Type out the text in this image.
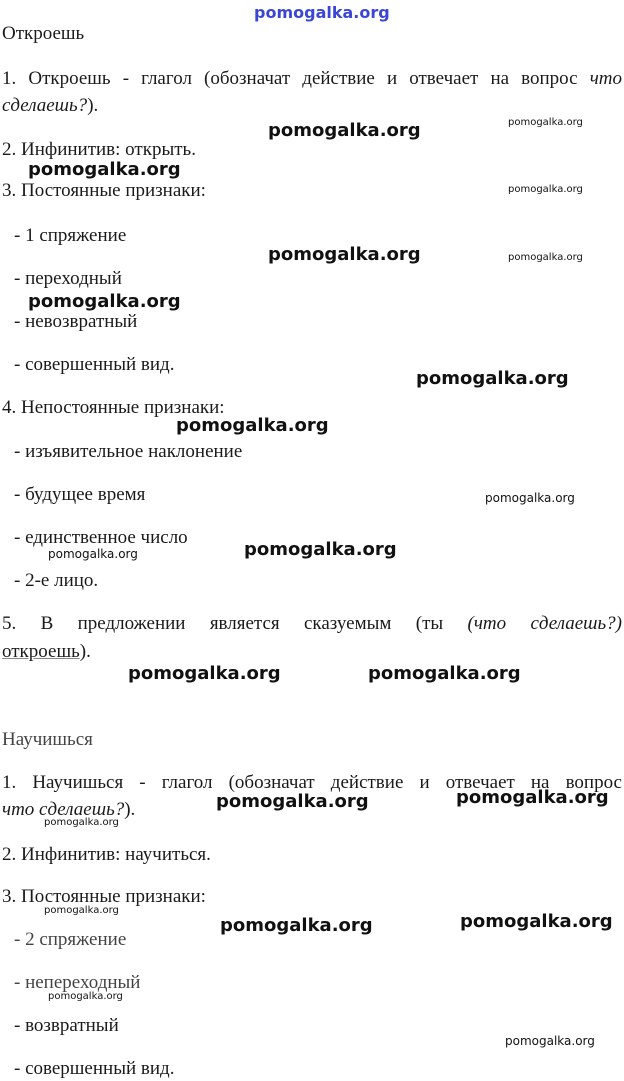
pomogalka.org
Откроешь
1. Откроешь - глагол (обозначат действие и отвечает на вопрос что
сделаешь?).
2. Инфинитив: открыть.
3. Постоянные признаки:
- 1 спряжение
- переходный
- невозвратный
- совершенный вид.
4. Непостоянные признаки:
- изъявительное наклонение
- будущее время
- единственное число
- 2-е лицо.
5. В предложении является сказуемым (ты (что сделаешь?)
откроешь).
Научишься
1. Научишься - глагол (обозначат действие и отвечает на вопрос
что сделаешь?).
2. Инфинитив: научиться.
3. Постоянные признаки:
- 2 спряжение
- непереходный
- возвратный
- совершенный вид.
pomogalka.org
pomogalka.org
pomogalka.org
pomogalka.org
pomogalka.org
pomogalka.org
pomogalka.org
pomogalka.org	pomogalka.org
pomogalka.org	pomogalka.org
pomogalka.org	pomogalka.org
pomogalka.org
pomogalka.org
pomogalka.org
pomogalka.org
pomogalka.org
pomogalka.org
pomogalka.org
pomogalka.org
pomogalka.org
